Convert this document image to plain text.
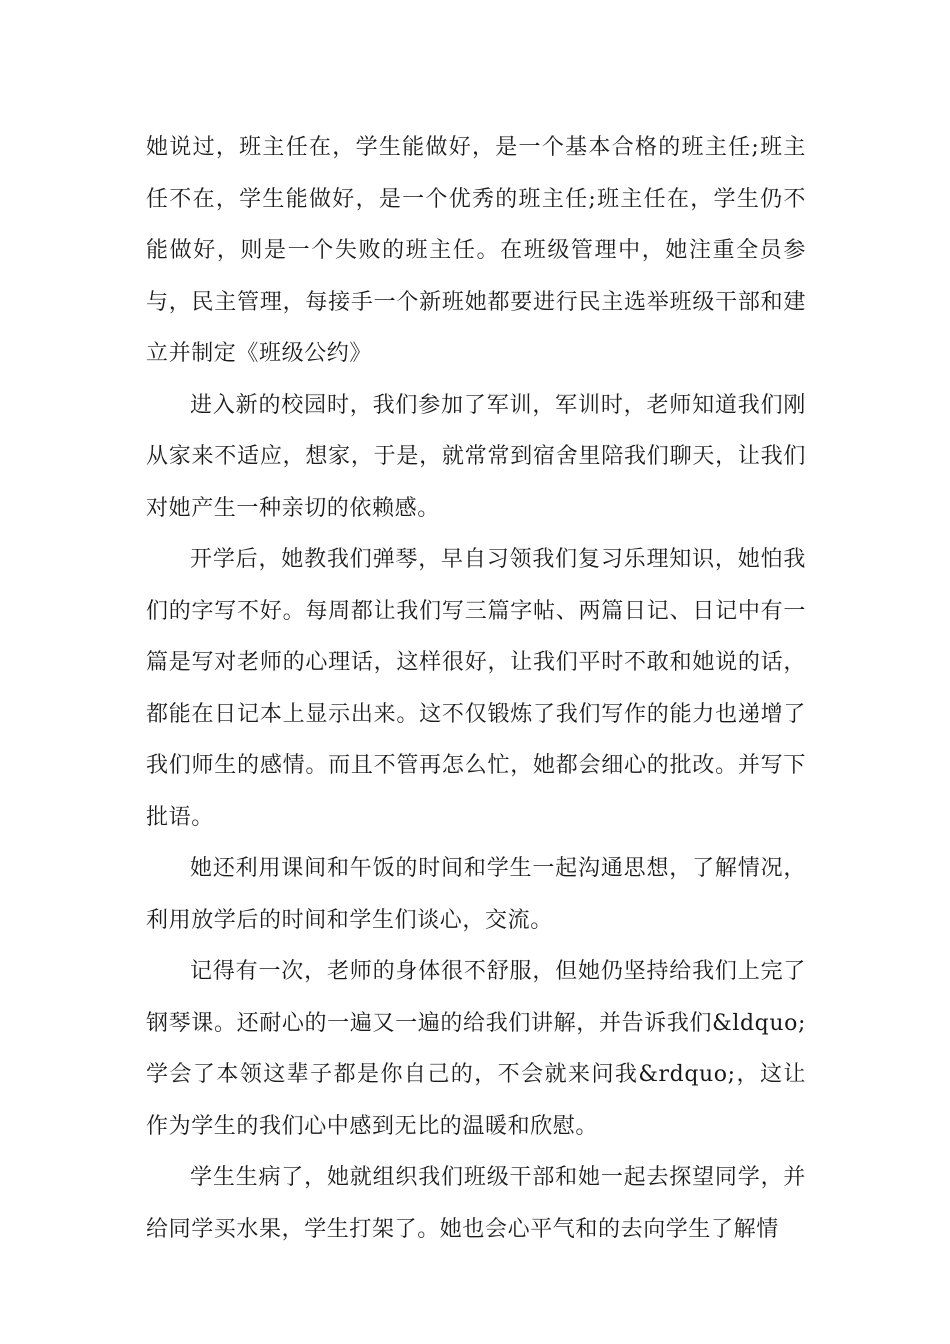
她说过，班主任在，学生能做好，是一个基本合格的班主任;班主任不在，学生能做好，是一个优秀的班主任;班主任在，学生仍不能做好，则是一个失败的班主任。在班级管理中，她注重全员参与，民主管理，每接手一个新班她都要进行民主选举班级干部和建立并制定《班级公约》

进入新的校园时，我们参加了军训，军训时，老师知道我们刚从家来不适应，想家，于是，就常常到宿舍里陪我们聊天，让我们对她产生一种亲切的依赖感。

开学后，她教我们弹琴，早自习领我们复习乐理知识，她怕我们的字写不好。每周都让我们写三篇字帖、两篇日记、日记中有一篇是写对老师的心理话，这样很好，让我们平时不敢和她说的话，都能在日记本上显示出来。这不仅锻炼了我们写作的能力也递增了我们师生的感情。而且不管再怎么忙，她都会细心的批改。并写下批语。

她还利用课间和午饭的时间和学生一起沟通思想，了解情况，利用放学后的时间和学生们谈心，交流。

记得有一次，老师的身体很不舒服，但她仍坚持给我们上完了钢琴课。还耐心的一遍又一遍的给我们讲解，并告诉我们&ldquo;学会了本领这辈子都是你自己的，不会就来问我&rdquo;，这让作为学生的我们心中感到无比的温暖和欣慰。

学生生病了，她就组织我们班级干部和她一起去探望同学，并给同学买水果，学生打架了。她也会心平气和的去向学生了解情
